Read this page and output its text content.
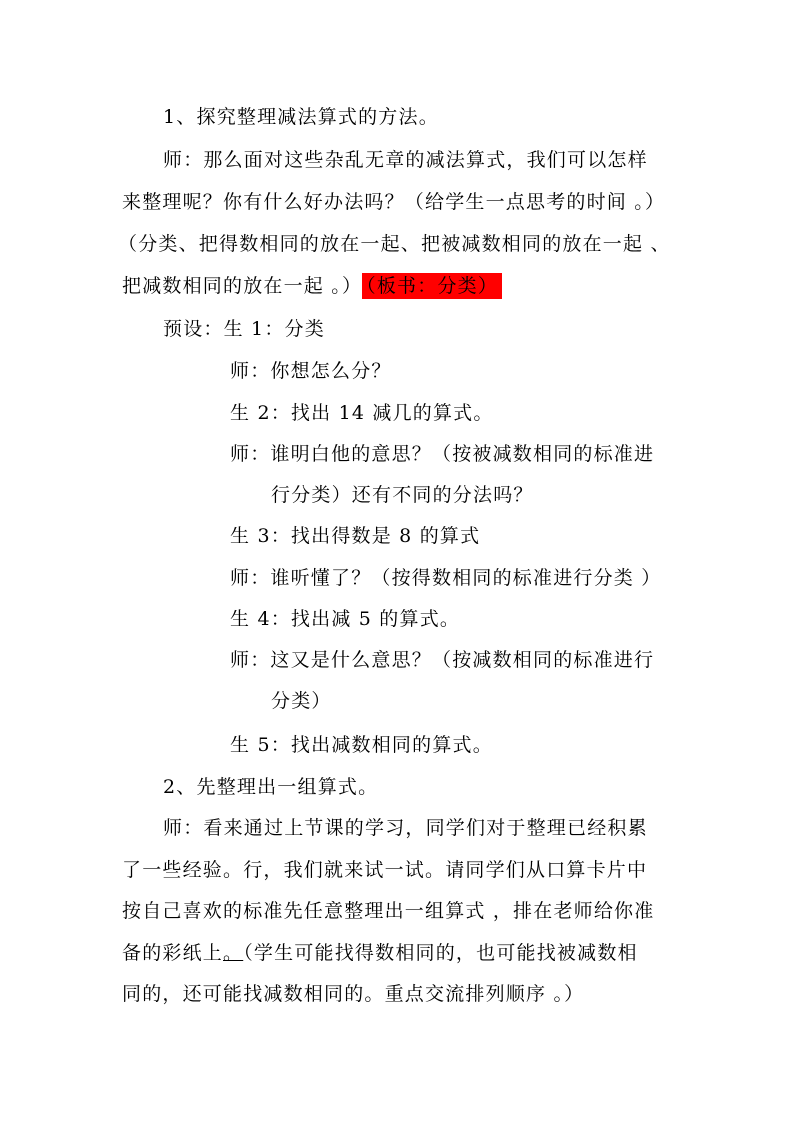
1、探究整理减法算式的方法。
师：那么面对这些杂乱无章的减法算式，我们可以怎样
来整理呢？你有什么好办法吗？（给学生一点思考的时间 。）
（分类、把得数相同的放在一起、把被减数相同的放在一起 、
把减数相同的放在一起 。） （板书：分类）
预设：生 1：分类
师：你想怎么分？
生 2：找出 14 减几的算式。
师：谁明白他的意思？（按被减数相同的标准进
行分类）还有不同的分法吗？
生 3：找出得数是 8 的算式
师：谁听懂了？（按得数相同的标准进行分类 ）
生 4：找出减 5 的算式。
师：这又是什么意思？（按减数相同的标准进行
分类）
生 5：找出减数相同的算式。
2、先整理出一组算式。
师：看来通过上节课的学习，同学们对于整理已经积累
了一些经验。行，我们就来试一试。请同学们从口算卡片中
按自己喜欢的标准先任意整理出一组算式 ，排在老师给你准
备的彩纸上。（学生可能找得数相同的，也可能找被减数相
同的，还可能找减数相同的。重点交流排列顺序 。）
